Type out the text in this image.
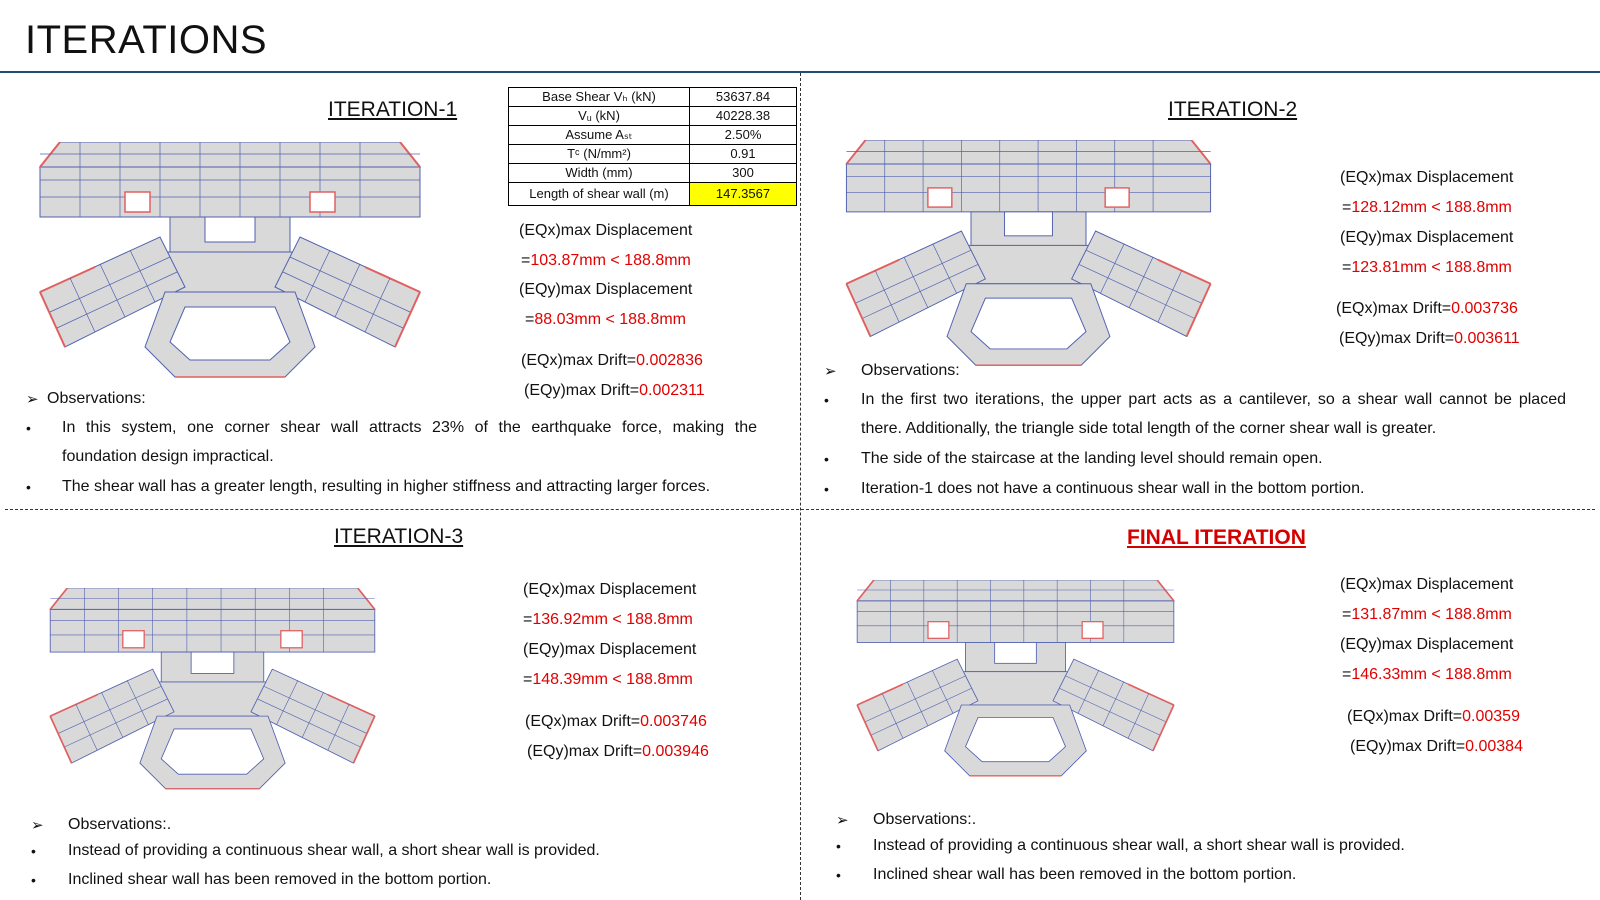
ITERATIONS
ITERATION-1
Base Shear Vₕ (kN)	53637.84
Vᵤ (kN)	40228.38
Assume Aₛₜ	2.50%
Tᶜ (N/mm²)	0.91
Width (mm)	300
Length of shear wall (m)	147.3567
(EQx)max Displacement
=103.87mm < 188.8mm
(EQy)max Displacement
=88.03mm < 188.8mm
(EQx)max Drift=0.002836
(EQy)max Drift=0.002311
➢ Observations:
• In this system, one corner shear wall attracts 23% of the earthquake force, making the
foundation design impractical.
• The shear wall has a greater length, resulting in higher stiffness and attracting larger forces.
ITERATION-2
(EQx)max Displacement
=128.12mm < 188.8mm
(EQy)max Displacement
=123.81mm < 188.8mm
(EQx)max Drift=0.003736
(EQy)max Drift=0.003611
➢ Observations:
• In the first two iterations, the upper part acts as a cantilever, so a shear wall cannot be placed
there. Additionally, the triangle side total length of the corner shear wall is greater.
• The side of the staircase at the landing level should remain open.
• Iteration-1 does not have a continuous shear wall in the bottom portion.
ITERATION-3
(EQx)max Displacement
=136.92mm < 188.8mm
(EQy)max Displacement
=148.39mm < 188.8mm
(EQx)max Drift=0.003746
(EQy)max Drift=0.003946
➢ Observations:.
• Instead of providing a continuous shear wall, a short shear wall is provided.
• Inclined shear wall has been removed in the bottom portion.
FINAL ITERATION
(EQx)max Displacement
=131.87mm < 188.8mm
(EQy)max Displacement
=146.33mm < 188.8mm
(EQx)max Drift=0.00359
(EQy)max Drift=0.00384
➢ Observations:.
• Instead of providing a continuous shear wall, a short shear wall is provided.
• Inclined shear wall has been removed in the bottom portion.
